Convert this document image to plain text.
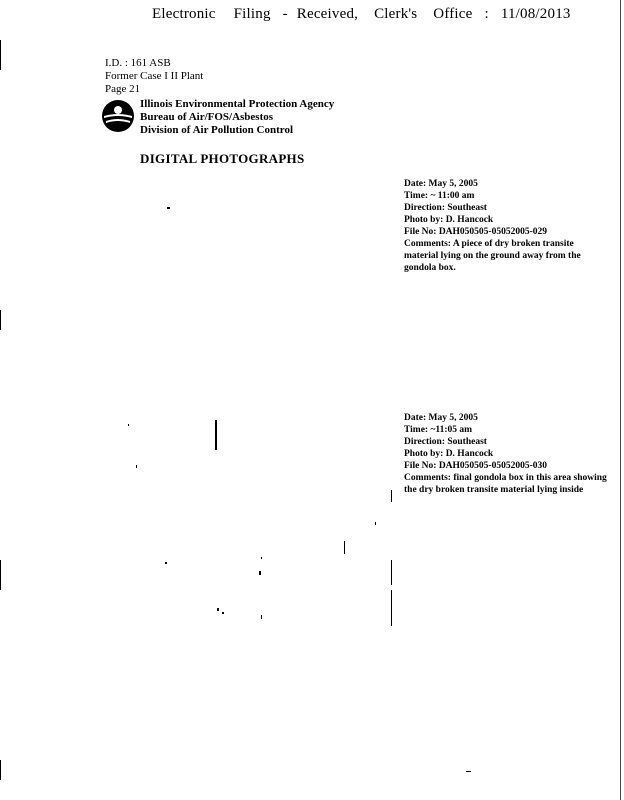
Electronic Filing - Received, Clerk's Office : 11/08/2013
I.D. : 161 ASB
Former Case I II Plant
Page 21
Illinois Environmental Protection Agency
Bureau of Air/FOS/Asbestos
Division of Air Pollution Control
DIGITAL PHOTOGRAPHS
Date: May 5, 2005
Time: ~ 11:00 am
Direction: Southeast
Photo by: D. Hancock
File No: DAH050505-05052005-029
Comments: A piece of dry broken transite material lying on the ground away from the gondola box.
Date: May 5, 2005
Time: ~11:05 am
Direction: Southeast
Photo by: D. Hancock
File No: DAH050505-05052005-030
Comments: final gondola box in this area showing the dry broken transite material lying inside
